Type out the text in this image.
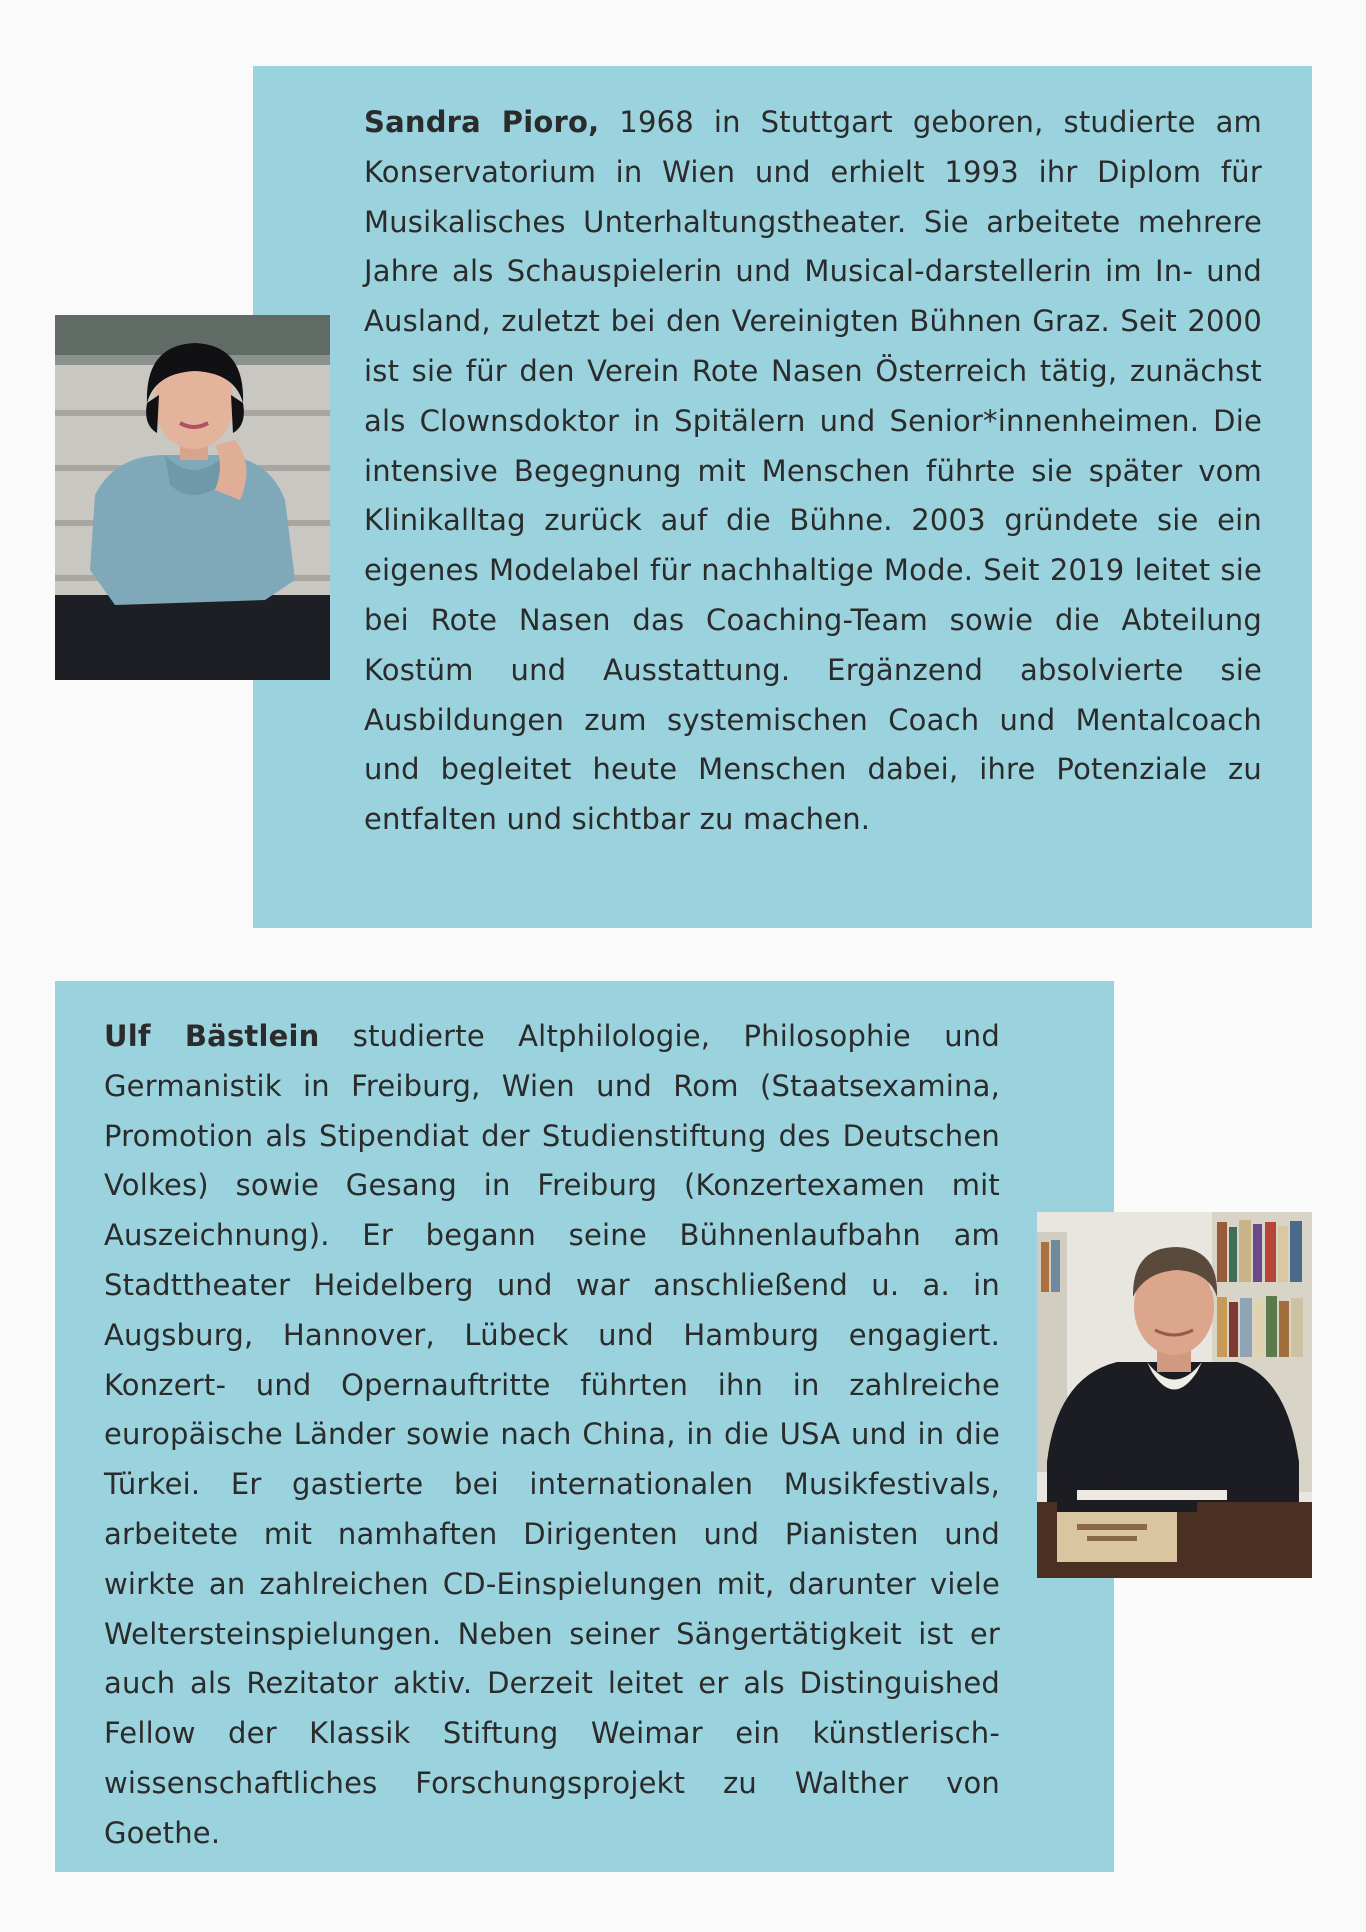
Sandra Pioro, 1968 in Stuttgart geboren, studierte am Konservatorium in Wien und erhielt 1993 ihr Diplom für Musikalisches Unterhaltungstheater. Sie arbeitete mehrere Jahre als Schauspielerin und Musical-darstellerin im In- und Ausland, zuletzt bei den Vereinigten Bühnen Graz. Seit 2000 ist sie für den Verein Rote Nasen Österreich tätig, zunächst als Clownsdoktor in Spitälern und Senior*innenheimen. Die intensive Begegnung mit Menschen führte sie später vom Klinikalltag zurück auf die Bühne. 2003 gründete sie ein eigenes Modelabel für nachhaltige Mode. Seit 2019 leitet sie bei Rote Nasen das Coaching-Team sowie die Abteilung Kostüm und Ausstattung. Ergänzend absolvierte sie Ausbildungen zum systemischen Coach und Mentalcoach und begleitet heute Menschen dabei, ihre Potenziale zu entfalten und sichtbar zu machen.

Ulf Bästlein studierte Altphilologie, Philosophie und Germanistik in Freiburg, Wien und Rom (Staatsexamina, Promotion als Stipendiat der Studienstiftung des Deutschen Volkes) sowie Gesang in Freiburg (Konzertexamen mit Auszeichnung). Er begann seine Bühnenlaufbahn am Stadttheater Heidelberg und war anschließend u. a. in Augsburg, Hannover, Lübeck und Hamburg engagiert. Konzert- und Opernauftritte führten ihn in zahlreiche europäische Länder sowie nach China, in die USA und in die Türkei. Er gastierte bei internationalen Musikfestivals, arbeitete mit namhaften Dirigenten und Pianisten und wirkte an zahlreichen CD-Einspielungen mit, darunter viele Weltersteinspielungen. Neben seiner Sängertätigkeit ist er auch als Rezitator aktiv. Derzeit leitet er als Distinguished Fellow der Klassik Stiftung Weimar ein künstlerisch-wissenschaftliches Forschungsprojekt zu Walther von Goethe.
